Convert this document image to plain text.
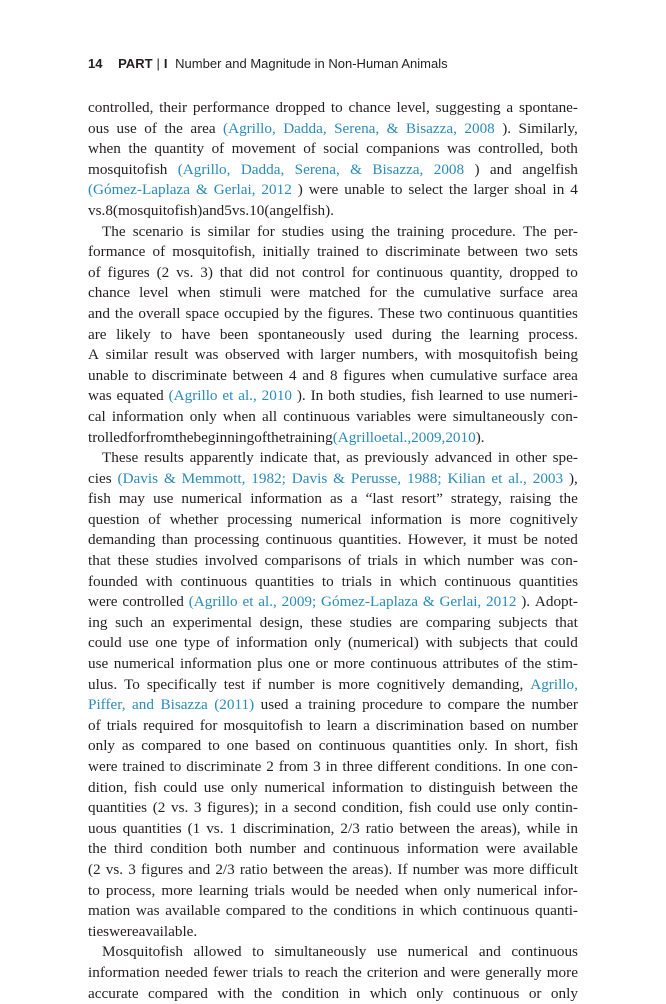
14 PART | I Number and Magnitude in Non-Human Animals
controlled, their performance dropped to chance level, suggesting a spontane-
ous use of the area (Agrillo, Dadda, Serena, & Bisazza, 2008 ). Similarly,
when the quantity of movement of social companions was controlled, both
mosquitofish (Agrillo, Dadda, Serena, & Bisazza, 2008 ) and angelfish
(Gómez-Laplaza & Gerlai, 2012 ) were unable to select the larger shoal in 4
vs. 8 (mosquitofish) and 5 vs. 10 (angelfish).
The scenario is similar for studies using the training procedure. The per-
formance of mosquitofish, initially trained to discriminate between two sets
of figures (2 vs. 3) that did not control for continuous quantity, dropped to
chance level when stimuli were matched for the cumulative surface area
and the overall space occupied by the figures. These two continuous quantities
are likely to have been spontaneously used during the learning process.
A similar result was observed with larger numbers, with mosquitofish being
unable to discriminate between 4 and 8 figures when cumulative surface area
was equated (Agrillo et al., 2010 ). In both studies, fish learned to use numeri-
cal information only when all continuous variables were simultaneously con-
trolled for from the beginning of the training (Agrillo et al., 2009, 2010 ).
These results apparently indicate that, as previously advanced in other spe-
cies (Davis & Memmott, 1982; Davis & Perusse, 1988; Kilian et al., 2003 ),
fish may use numerical information as a “last resort” strategy, raising the
question of whether processing numerical information is more cognitively
demanding than processing continuous quantities. However, it must be noted
that these studies involved comparisons of trials in which number was con-
founded with continuous quantities to trials in which continuous quantities
were controlled (Agrillo et al., 2009; Gómez-Laplaza & Gerlai, 2012 ). Adopt-
ing such an experimental design, these studies are comparing subjects that
could use one type of information only (numerical) with subjects that could
use numerical information plus one or more continuous attributes of the stim-
ulus. To specifically test if number is more cognitively demanding, Agrillo,
Piffer, and Bisazza (2011) used a training procedure to compare the number
of trials required for mosquitofish to learn a discrimination based on number
only as compared to one based on continuous quantities only. In short, fish
were trained to discriminate 2 from 3 in three different conditions. In one con-
dition, fish could use only numerical information to distinguish between the
quantities (2 vs. 3 figures); in a second condition, fish could use only contin-
uous quantities (1 vs. 1 discrimination, 2/3 ratio between the areas), while in
the third condition both number and continuous information were available
(2 vs. 3 figures and 2/3 ratio between the areas). If number was more difficult
to process, more learning trials would be needed when only numerical infor-
mation was available compared to the conditions in which continuous quanti-
ties were available.
Mosquitofish allowed to simultaneously use numerical and continuous
information needed fewer trials to reach the criterion and were generally more
accurate compared with the condition in which only continuous or only
